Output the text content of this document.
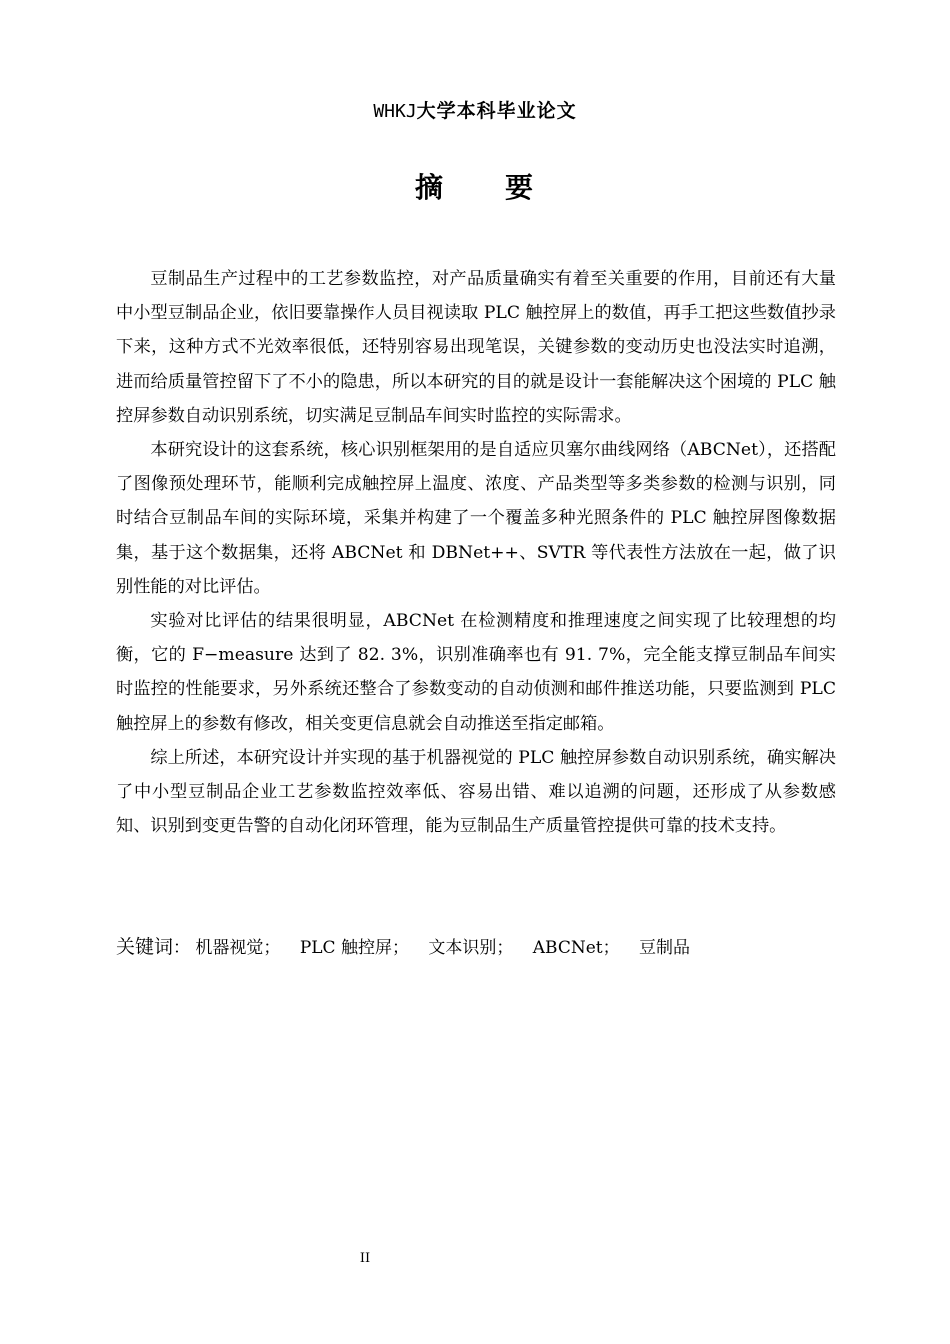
WHKJ大学本科毕业论文
摘　　要

豆制品生产过程中的工艺参数监控，对产品质量确实有着至关重要的作用，目前还有大量中小型豆制品企业，依旧要靠操作人员目视读取 PLC 触控屏上的数值，再手工把这些数值抄录下来，这种方式不光效率很低，还特别容易出现笔误，关键参数的变动历史也没法实时追溯，进而给质量管控留下了不小的隐患，所以本研究的目的就是设计一套能解决这个困境的 PLC 触控屏参数自动识别系统，切实满足豆制品车间实时监控的实际需求。

本研究设计的这套系统，核心识别框架用的是自适应贝塞尔曲线网络（ABCNet），还搭配了图像预处理环节，能顺利完成触控屏上温度、浓度、产品类型等多类参数的检测与识别，同时结合豆制品车间的实际环境，采集并构建了一个覆盖多种光照条件的 PLC 触控屏图像数据集，基于这个数据集，还将 ABCNet 和 DBNet++、SVTR 等代表性方法放在一起，做了识别性能的对比评估。

实验对比评估的结果很明显，ABCNet 在检测精度和推理速度之间实现了比较理想的均衡，它的 F−measure 达到了 82. 3%，识别准确率也有 91. 7%，完全能支撑豆制品车间实时监控的性能要求，另外系统还整合了参数变动的自动侦测和邮件推送功能，只要监测到 PLC 触控屏上的参数有修改，相关变更信息就会自动推送至指定邮箱。

综上所述，本研究设计并实现的基于机器视觉的 PLC 触控屏参数自动识别系统，确实解决了中小型豆制品企业工艺参数监控效率低、容易出错、难以追溯的问题，还形成了从参数感知、识别到变更告警的自动化闭环管理，能为豆制品生产质量管控提供可靠的技术支持。

关键词： 机器视觉； PLC 触控屏； 文本识别； ABCNet； 豆制品
II
